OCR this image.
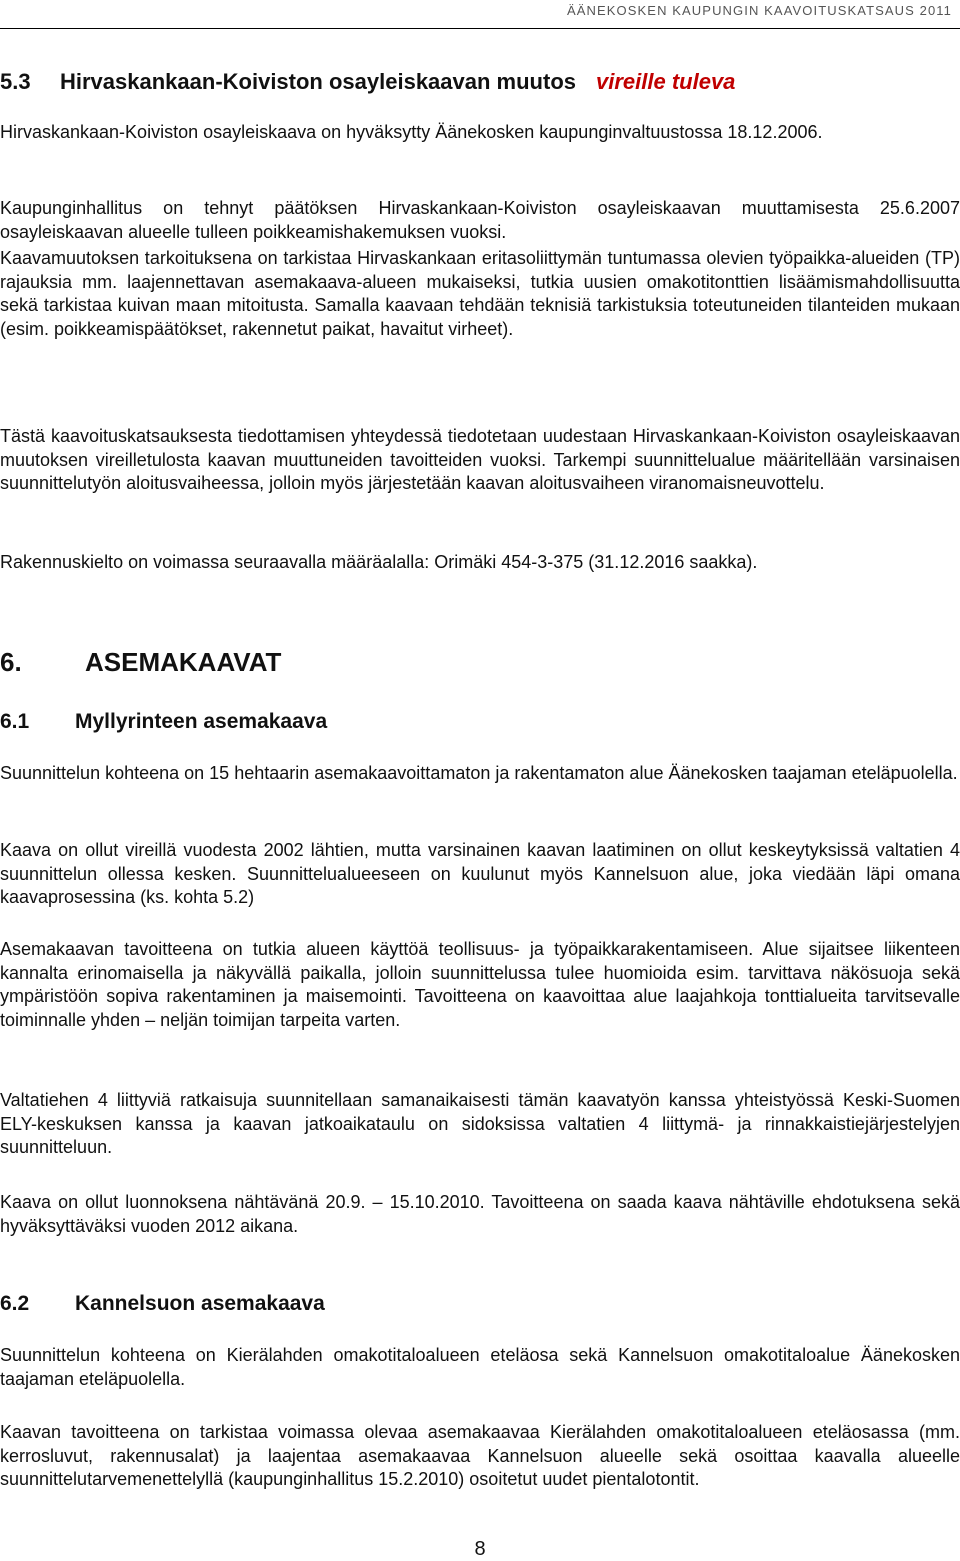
ÄÄNEKOSKEN KAUPUNGIN KAAVOITUSKATSAUS 2011
5.3 Hirvaskankaan-Koiviston osayleiskaavan muutos vireille tuleva

Hirvaskankaan-Koiviston osayleiskaava on hyväksytty Äänekosken kaupunginvaltuustossa 18.12.2006.

Kaupunginhallitus on tehnyt päätöksen Hirvaskankaan-Koiviston osayleiskaavan muuttamisesta 25.6.2007 osayleiskaavan alueelle tulleen poikkeamishakemuksen vuoksi.

Kaavamuutoksen tarkoituksena on tarkistaa Hirvaskankaan eritasoliittymän tuntumassa olevien työpaikka-alueiden (TP) rajauksia mm. laajennettavan asemakaava-alueen mukaiseksi, tutkia uusien omakotitonttien lisäämismahdollisuutta sekä tarkistaa kuivan maan mitoitusta. Samalla kaavaan tehdään teknisiä tarkistuksia toteutuneiden tilanteiden mukaan (esim. poikkeamispäätökset, rakennetut paikat, havaitut virheet).

Tästä kaavoituskatsauksesta tiedottamisen yhteydessä tiedotetaan uudestaan Hirvaskankaan-Koiviston osayleiskaavan muutoksen vireilletulosta kaavan muuttuneiden tavoitteiden vuoksi. Tarkempi suunnittelualue määritellään varsinaisen suunnittelutyön aloitusvaiheessa, jolloin myös järjestetään kaavan aloitusvaiheen viranomaisneuvottelu.

Rakennuskielto on voimassa seuraavalla määräalalla: Orimäki 454-3-375 (31.12.2016 saakka).

6. ASEMAKAAVAT
6.1 Myllyrinteen asemakaava

Suunnittelun kohteena on 15 hehtaarin asemakaavoittamaton ja rakentamaton alue Äänekosken taajaman eteläpuolella.

Kaava on ollut vireillä vuodesta 2002 lähtien, mutta varsinainen kaavan laatiminen on ollut keskeytyksissä valtatien 4 suunnittelun ollessa kesken. Suunnittelualueeseen on kuulunut myös Kannelsuon alue, joka viedään läpi omana kaavaprosessina (ks. kohta 5.2)

Asemakaavan tavoitteena on tutkia alueen käyttöä teollisuus- ja työpaikkarakentamiseen. Alue sijaitsee liikenteen kannalta erinomaisella ja näkyvällä paikalla, jolloin suunnittelussa tulee huomioida esim. tarvittava näkösuoja sekä ympäristöön sopiva rakentaminen ja maisemointi. Tavoitteena on kaavoittaa alue laajahkoja tonttialueita tarvitsevalle toiminnalle yhden – neljän toimijan tarpeita varten.

Valtatiehen 4 liittyviä ratkaisuja suunnitellaan samanaikaisesti tämän kaavatyön kanssa yhteistyössä Keski-Suomen ELY-keskuksen kanssa ja kaavan jatkoaikataulu on sidoksissa valtatien 4 liittymä- ja rinnakkaistiejärjestelyjen suunnitteluun.

Kaava on ollut luonnoksena nähtävänä 20.9. – 15.10.2010. Tavoitteena on saada kaava nähtäville ehdotuksena sekä hyväksyttäväksi vuoden 2012 aikana.

6.2 Kannelsuon asemakaava

Suunnittelun kohteena on Kierälahden omakotitaloalueen eteläosa sekä Kannelsuon omakotitaloalue Äänekosken taajaman eteläpuolella.

Kaavan tavoitteena on tarkistaa voimassa olevaa asemakaavaa Kierälahden omakotitaloalueen eteläosassa (mm. kerrosluvut, rakennusalat) ja laajentaa asemakaavaa Kannelsuon alueelle sekä osoittaa kaavalla alueelle suunnittelutarvemenettelyllä (kaupunginhallitus 15.2.2010) osoitetut uudet pientalotontit.

8
